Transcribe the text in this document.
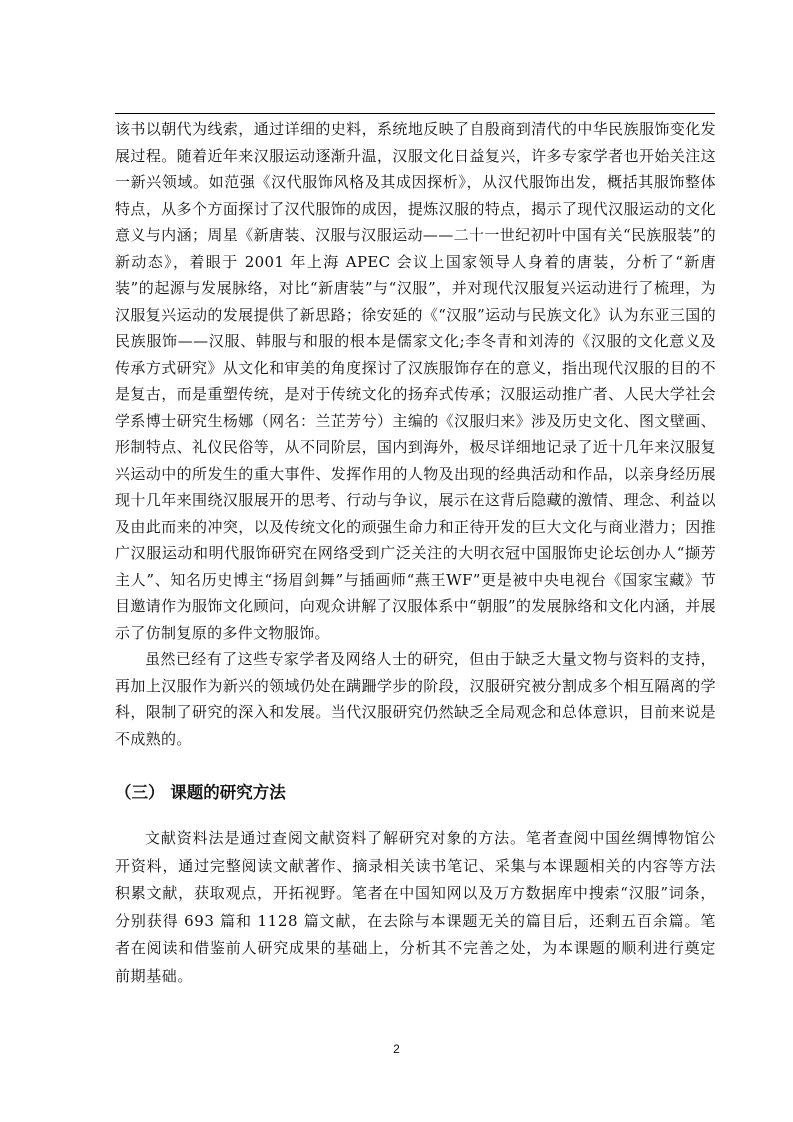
该书以朝代为线索，通过详细的史料，系统地反映了自殷商到清代的中华民族服饰变化发展过程。随着近年来汉服运动逐渐升温，汉服文化日益复兴，许多专家学者也开始关注这一新兴领域。如范强《汉代服饰风格及其成因探析》，从汉代服饰出发，概括其服饰整体特点，从多个方面探讨了汉代服饰的成因，提炼汉服的特点，揭示了现代汉服运动的文化意义与内涵；周星《新唐装、汉服与汉服运动——二十一世纪初叶中国有关“民族服装”的新动态》，着眼于 2001 年上海 APEC 会议上国家领导人身着的唐装，分析了“新唐装”的起源与发展脉络，对比“新唐装”与“汉服”，并对现代汉服复兴运动进行了梳理，为汉服复兴运动的发展提供了新思路；徐安延的《“汉服”运动与民族文化》认为东亚三国的民族服饰——汉服、韩服与和服的根本是儒家文化;李冬青和刘涛的《汉服的文化意义及传承方式研究》从文化和审美的角度探讨了汉族服饰存在的意义，指出现代汉服的目的不是复古，而是重塑传统，是对于传统文化的扬弃式传承；汉服运动推广者、人民大学社会学系博士研究生杨娜（网名：兰芷芳兮）主编的《汉服归来》涉及历史文化、图文壁画、形制特点、礼仪民俗等，从不同阶层，国内到海外，极尽详细地记录了近十几年来汉服复兴运动中的所发生的重大事件、发挥作用的人物及出现的经典活动和作品，以亲身经历展现十几年来围绕汉服展开的思考、行动与争议，展示在这背后隐藏的激情、理念、利益以及由此而来的冲突，以及传统文化的顽强生命力和正待开发的巨大文化与商业潜力；因推广汉服运动和明代服饰研究在网络受到广泛关注的大明衣冠中国服饰史论坛创办人“撷芳主人”、知名历史博主“扬眉剑舞”与插画师“燕王WF”更是被中央电视台《国家宝藏》节目邀请作为服饰文化顾问，向观众讲解了汉服体系中“朝服”的发展脉络和文化内涵，并展示了仿制复原的多件文物服饰。

虽然已经有了这些专家学者及网络人士的研究，但由于缺乏大量文物与资料的支持，再加上汉服作为新兴的领域仍处在蹒跚学步的阶段，汉服研究被分割成多个相互隔离的学科，限制了研究的深入和发展。当代汉服研究仍然缺乏全局观念和总体意识，目前来说是不成熟的。

（三） 课题的研究方法

文献资料法是通过查阅文献资料了解研究对象的方法。笔者查阅中国丝绸博物馆公开资料，通过完整阅读文献著作、摘录相关读书笔记、采集与本课题相关的内容等方法积累文献，获取观点，开拓视野。笔者在中国知网以及万方数据库中搜索“汉服”词条，分别获得 693 篇和 1128 篇文献，在去除与本课题无关的篇目后，还剩五百余篇。笔者在阅读和借鉴前人研究成果的基础上，分析其不完善之处，为本课题的顺利进行奠定前期基础。

2
